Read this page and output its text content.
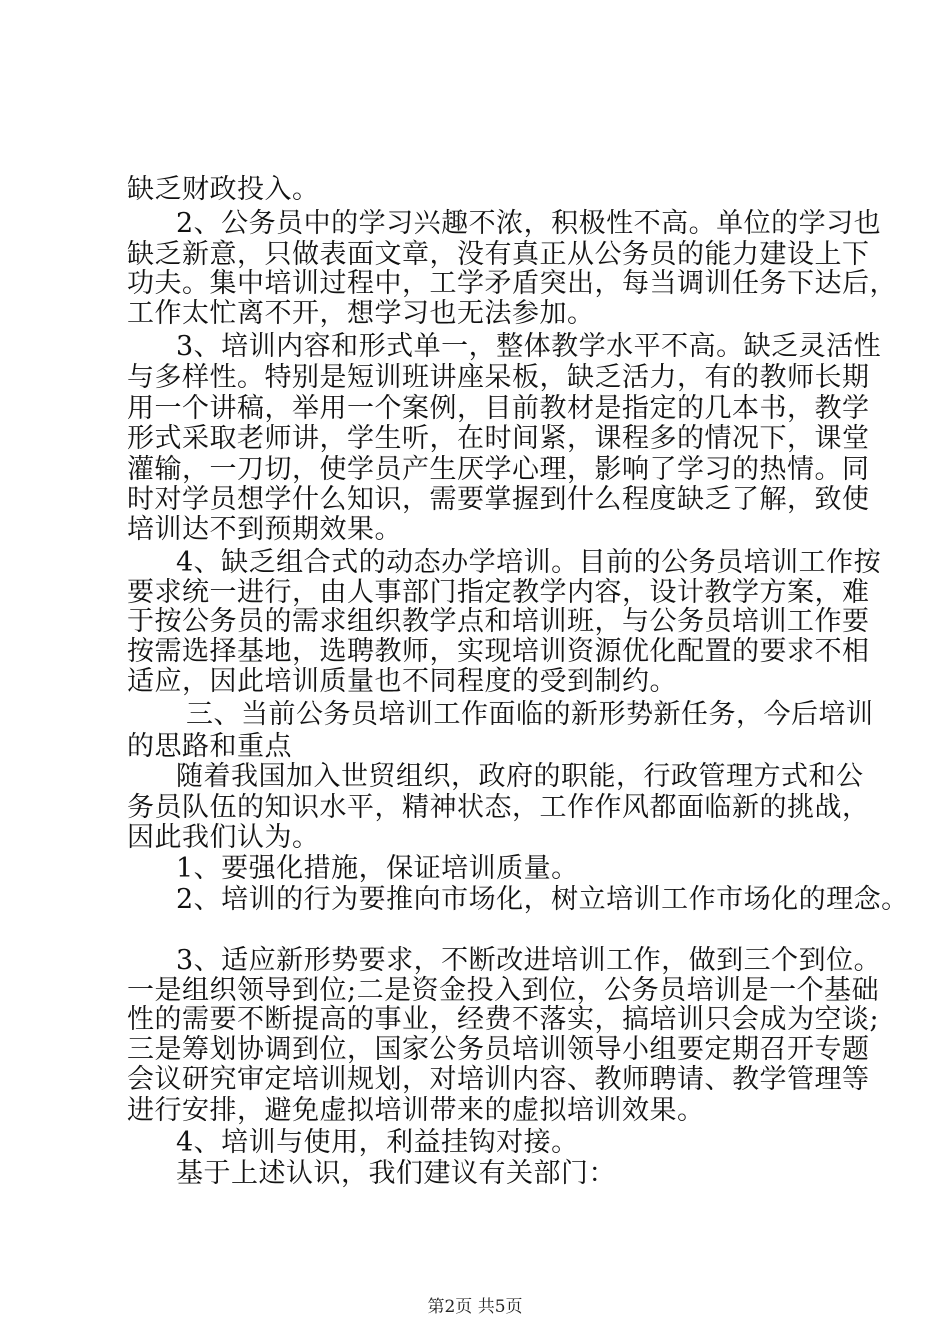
缺乏财政投入。
2、公务员中的学习兴趣不浓，积极性不高。单位的学习也
缺乏新意，只做表面文章，没有真正从公务员的能力建设上下
功夫。集中培训过程中，工学矛盾突出，每当调训任务下达后，
工作太忙离不开，想学习也无法参加。
3、培训内容和形式单一，整体教学水平不高。缺乏灵活性
与多样性。特别是短训班讲座呆板，缺乏活力，有的教师长期
用一个讲稿，举用一个案例，目前教材是指定的几本书，教学
形式采取老师讲，学生听，在时间紧，课程多的情况下，课堂
灌输，一刀切，使学员产生厌学心理，影响了学习的热情。同
时对学员想学什么知识，需要掌握到什么程度缺乏了解，致使
培训达不到预期效果。
4、缺乏组合式的动态办学培训。目前的公务员培训工作按
要求统一进行，由人事部门指定教学内容，设计教学方案，难
于按公务员的需求组织教学点和培训班，与公务员培训工作要
按需选择基地，选聘教师，实现培训资源优化配置的要求不相
适应，因此培训质量也不同程度的受到制约。
三、当前公务员培训工作面临的新形势新任务，今后培训
的思路和重点
随着我国加入世贸组织，政府的职能，行政管理方式和公
务员队伍的知识水平，精神状态，工作作风都面临新的挑战，
因此我们认为。
1、要强化措施，保证培训质量。
2、培训的行为要推向市场化，树立培训工作市场化的理念。
3、适应新形势要求，不断改进培训工作，做到三个到位。
一是组织领导到位;二是资金投入到位，公务员培训是一个基础
性的需要不断提高的事业，经费不落实，搞培训只会成为空谈;
三是筹划协调到位，国家公务员培训领导小组要定期召开专题
会议研究审定培训规划，对培训内容、教师聘请、教学管理等
进行安排，避免虚拟培训带来的虚拟培训效果。
4、培训与使用，利益挂钩对接。
基于上述认识，我们建议有关部门：
第2页 共5页
